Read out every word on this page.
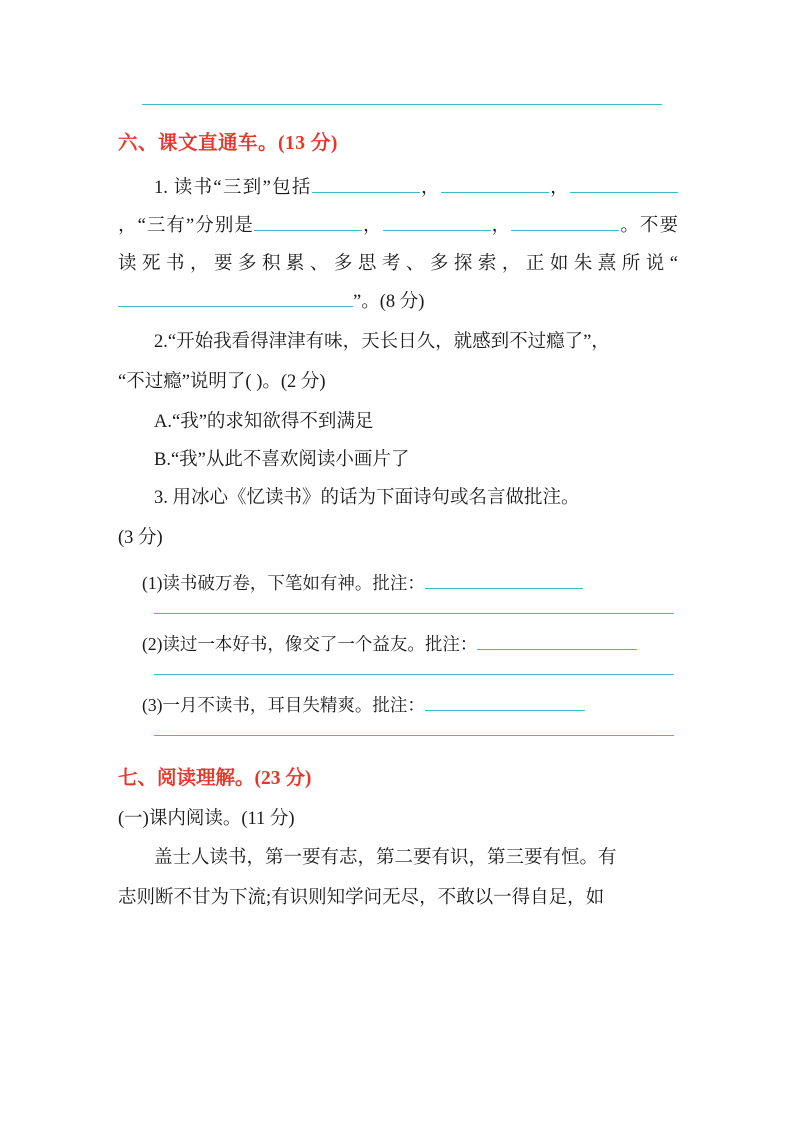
六、课文直通车。(13 分)

1. 读书“三到”包括	，	，，“三有”分别是	，	，	。不要读死书，要多积累、多思考、多探索，正如朱熹所说“”。(8 分)

2.“开始我看得津津有味，天长日久，就感到不过瘾了”，

“不过瘾”说明了( )。(2 分)

A.“我”的求知欲得不到满足

B.“我”从此不喜欢阅读小画片了

3. 用冰心《忆读书》的话为下面诗句或名言做批注。

(3 分)

(1)读书破万卷，下笔如有神。批注：

(2)读过一本好书，像交了一个益友。批注：

(3)一月不读书，耳目失精爽。批注：

七、阅读理解。(23 分)

(一)课内阅读。(11 分)

盖士人读书，第一要有志，第二要有识，第三要有恒。有

志则断不甘为下流;有识则知学问无尽，不敢以一得自足，如
